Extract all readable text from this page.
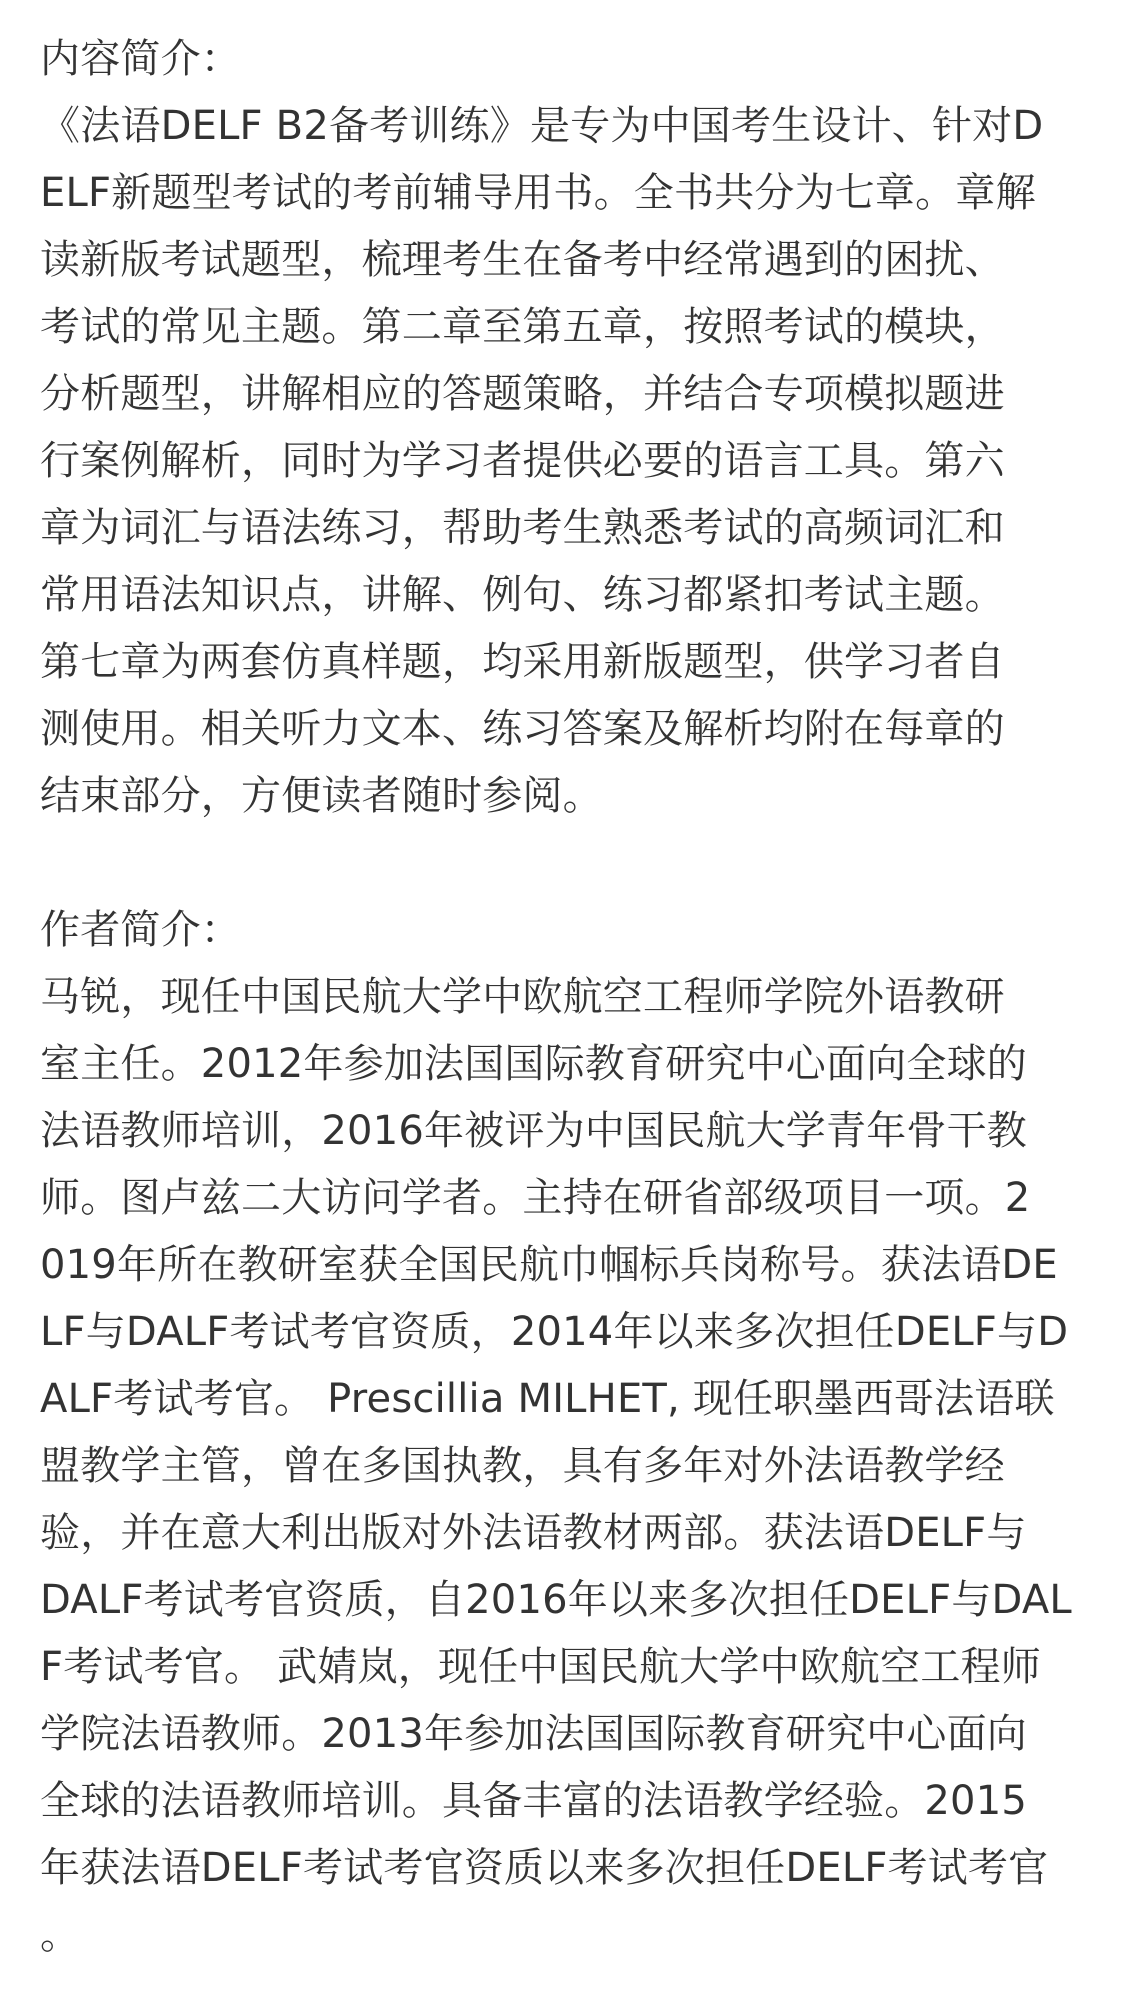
内容简介：
《法语DELF B2备考训练》是专为中国考生设计、针对D
ELF新题型考试的考前辅导用书。全书共分为七章。章解
读新版考试题型，梳理考生在备考中经常遇到的困扰、
考试的常见主题。第二章至第五章，按照考试的模块，
分析题型，讲解相应的答题策略，并结合专项模拟题进
行案例解析，同时为学习者提供必要的语言工具。第六
章为词汇与语法练习，帮助考生熟悉考试的高频词汇和
常用语法知识点，讲解、例句、练习都紧扣考试主题。
第七章为两套仿真样题，均采用新版题型，供学习者自
测使用。相关听力文本、练习答案及解析均附在每章的
结束部分，方便读者随时参阅。
作者简介：
马锐，现任中国民航大学中欧航空工程师学院外语教研
室主任。2012年参加法国国际教育研究中心面向全球的
法语教师培训，2016年被评为中国民航大学青年骨干教
师。图卢兹二大访问学者。主持在研省部级项目一项。2
019年所在教研室获全国民航巾帼标兵岗称号。获法语DE
LF与DALF考试考官资质，2014年以来多次担任DELF与D
ALF考试考官。 Prescillia MILHET, 现任职墨西哥法语联
盟教学主管，曾在多国执教，具有多年对外法语教学经
验，并在意大利出版对外法语教材两部。获法语DELF与
DALF考试考官资质，自2016年以来多次担任DELF与DAL
F考试考官。 武婧岚，现任中国民航大学中欧航空工程师
学院法语教师。2013年参加法国国际教育研究中心面向
全球的法语教师培训。具备丰富的法语教学经验。2015
年获法语DELF考试考官资质以来多次担任DELF考试考官
。
